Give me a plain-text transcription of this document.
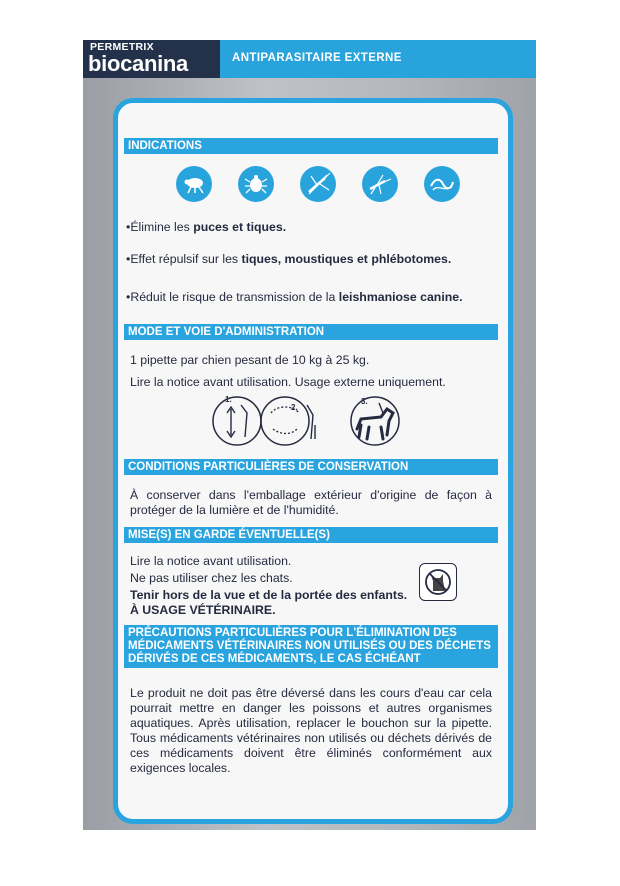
PERMETRIX
biocanina	ANTIPARASITAIRE EXTERNE
INDICATIONS
•Élimine les puces et tiques.
•Effet répulsif sur les tiques, moustiques et phlébotomes.
•Réduit le risque de transmission de la leishmaniose canine.
MODE ET VOIE D'ADMINISTRATION
1 pipette par chien pesant de 10 kg à 25 kg.
Lire la notice avant utilisation. Usage externe uniquement.
1.
2.
3.
CONDITIONS PARTICULIÈRES DE CONSERVATION
À conserver dans l'emballage extérieur d'origine de façon à protéger de la lumière et de l'humidité.
MISE(S) EN GARDE ÉVENTUELLE(S)
Lire la notice avant utilisation.
Ne pas utiliser chez les chats.
Tenir hors de la vue et de la portée des enfants. À USAGE VÉTÉRINAIRE.
PRÉCAUTIONS PARTICULIÈRES POUR L'ÉLIMINATION DES MÉDICAMENTS VÉTÉRINAIRES NON UTILISÉS OU DES DÉCHETS DÉRIVÉS DE CES MÉDICAMENTS, LE CAS ÉCHÉANT
Le produit ne doit pas être déversé dans les cours d'eau car cela pourrait mettre en danger les poissons et autres organismes aquatiques. Après utilisation, replacer le bouchon sur la pipette. Tous médicaments vétérinaires non utilisés ou déchets dérivés de ces médicaments doivent être éliminés conformément aux exigences locales.
